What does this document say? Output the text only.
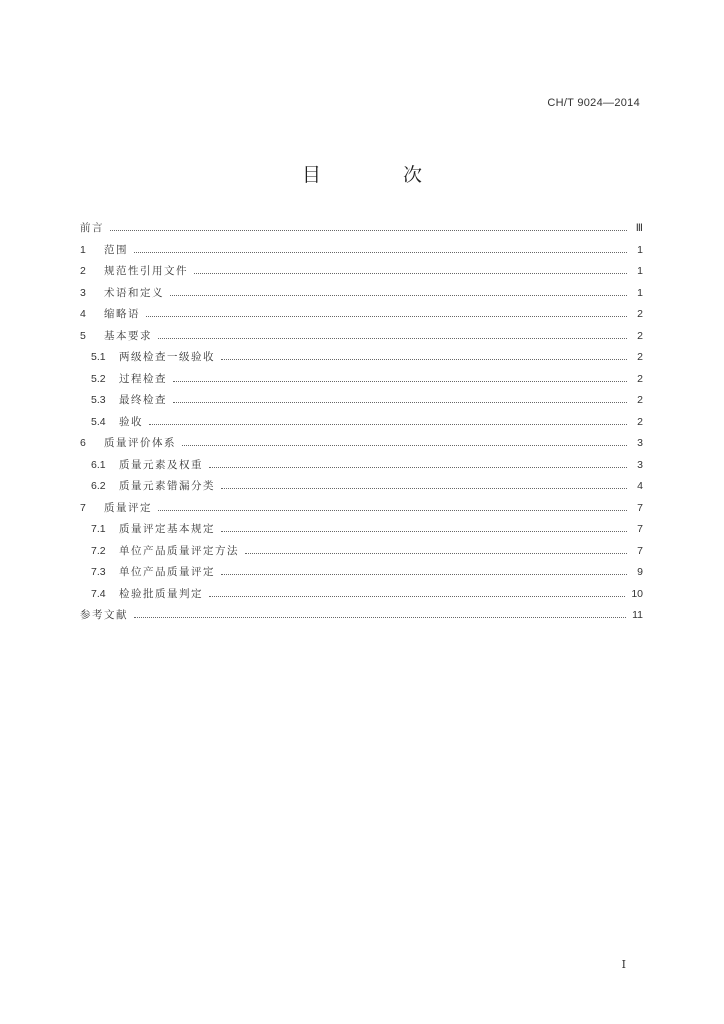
CH/T 9024—2014
目 次
前言	Ⅲ
1	范围	1
2	规范性引用文件	1
3	术语和定义	1
4	缩略语	2
5	基本要求	2
5.1	两级检查一级验收	2
5.2	过程检查	2
5.3	最终检查	2
5.4	验收	2
6	质量评价体系	3
6.1	质量元素及权重	3
6.2	质量元素错漏分类	4
7	质量评定	7
7.1	质量评定基本规定	7
7.2	单位产品质量评定方法	7
7.3	单位产品质量评定	9
7.4	检验批质量判定	10
参考文献	11
I
